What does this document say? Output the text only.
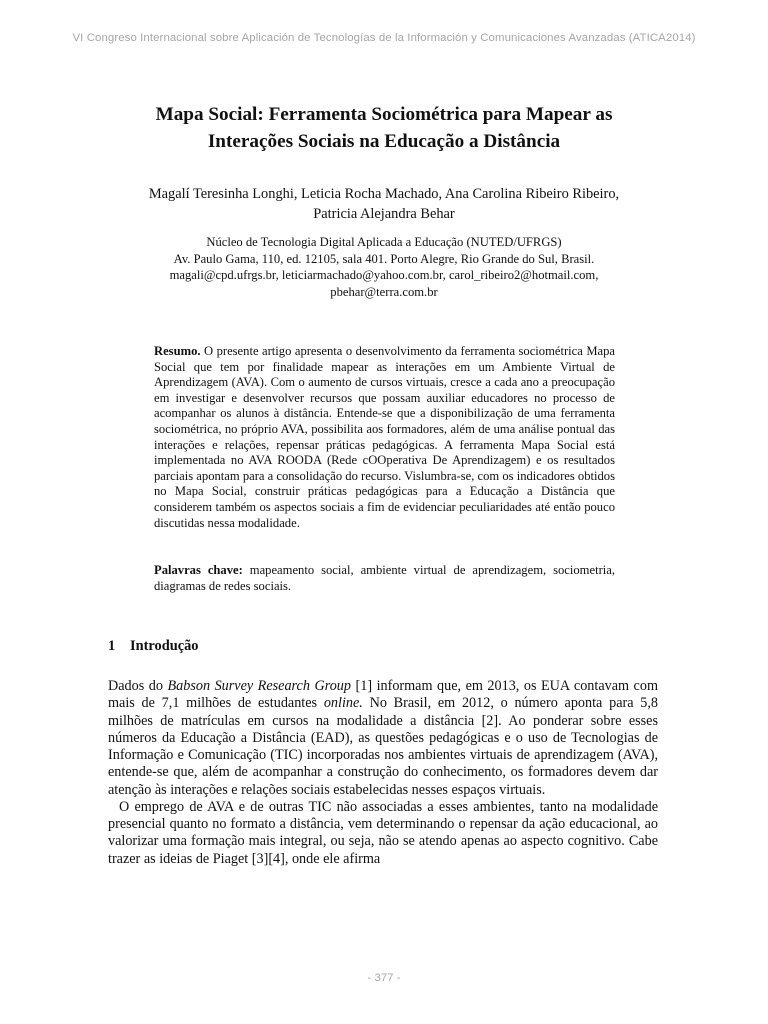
VI Congreso Internacional sobre Aplicación de Tecnologías de la Información y Comunicaciones Avanzadas (ATICA2014)
Mapa Social: Ferramenta Sociométrica para Mapear as
Interações Sociais na Educação a Distância

Magalí Teresinha Longhi, Leticia Rocha Machado, Ana Carolina Ribeiro Ribeiro,
Patricia Alejandra Behar

Núcleo de Tecnologia Digital Aplicada a Educação (NUTED/UFRGS)
Av. Paulo Gama, 110, ed. 12105, sala 401. Porto Alegre, Rio Grande do Sul, Brasil.
magali@cpd.ufrgs.br, leticiarmachado@yahoo.com.br, carol_ribeiro2@hotmail.com,
pbehar@terra.com.br

Resumo. O presente artigo apresenta o desenvolvimento da ferramenta sociométrica Mapa Social que tem por finalidade mapear as interações em um Ambiente Virtual de Aprendizagem (AVA). Com o aumento de cursos virtuais, cresce a cada ano a preocupação em investigar e desenvolver recursos que possam auxiliar educadores no processo de acompanhar os alunos à distância. Entende-se que a disponibilização de uma ferramenta sociométrica, no próprio AVA, possibilita aos formadores, além de uma análise pontual das interações e relações, repensar práticas pedagógicas. A ferramenta Mapa Social está implementada no AVA ROODA (Rede cOOperativa De Aprendizagem) e os resultados parciais apontam para a consolidação do recurso. Vislumbra-se, com os indicadores obtidos no Mapa Social, construir práticas pedagógicas para a Educação a Distância que considerem também os aspectos sociais a fim de evidenciar peculiaridades até então pouco discutidas nessa modalidade.

Palavras chave: mapeamento social, ambiente virtual de aprendizagem, sociometria, diagramas de redes sociais.

1 Introdução

Dados do Babson Survey Research Group [1] informam que, em 2013, os EUA contavam com mais de 7,1 milhões de estudantes online. No Brasil, em 2012, o número aponta para 5,8 milhões de matrículas em cursos na modalidade a distância [2]. Ao ponderar sobre esses números da Educação a Distância (EAD), as questões pedagógicas e o uso de Tecnologias de Informação e Comunicação (TIC) incorporadas nos ambientes virtuais de aprendizagem (AVA), entende-se que, além de acompanhar a construção do conhecimento, os formadores devem dar atenção às interações e relações sociais estabelecidas nesses espaços virtuais.

O emprego de AVA e de outras TIC não associadas a esses ambientes, tanto na modalidade presencial quanto no formato a distância, vem determinando o repensar da ação educacional, ao valorizar uma formação mais integral, ou seja, não se atendo apenas ao aspecto cognitivo. Cabe trazer as ideias de Piaget [3][4], onde ele afirma

- 377 -
